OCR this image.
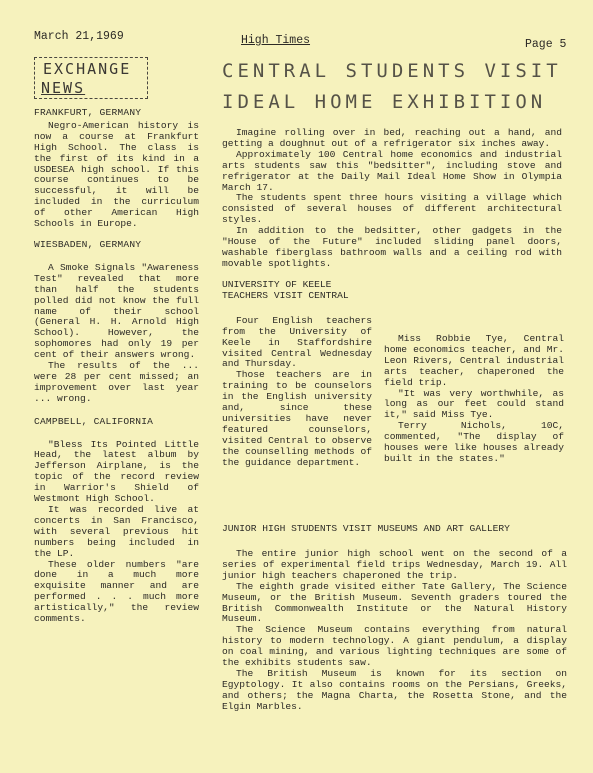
March 21,1969	High Times	Page 5
EXCHANGE
NEWS
CENTRAL STUDENTS VISIT
IDEAL HOME EXHIBITION

FRANKFURT, GERMANY

Negro-American history is now a course at Frankfurt High School. The class is the first of its kind in a USDESEA high school. If this course continues to be successful, it will be included in the curriculum of other American High Schools in Europe.

WIESBADEN, GERMANY

A Smoke Signals "Awareness Test" revealed that more than half the students polled did not know the full name of their school (General H. H. Arnold High School). However, the sophomores had only 19 per cent of their answers wrong.

The results of the ... were 28 per cent missed; an improvement over last year ... wrong.

CAMPBELL, CALIFORNIA

"Bless Its Pointed Little Head, the latest album by Jefferson Airplane, is the topic of the record review in Warrior's Shield of Westmont High School.

It was recorded live at concerts in San Francisco, with several previous hit numbers being included in the LP.

These older numbers "are done in a much more exquisite manner and are performed . . . much more artistically," the review comments.

Imagine rolling over in bed, reaching out a hand, and getting a doughnut out of a refrigerator six inches away.

Approximately 100 Central home economics and industrial arts students saw this "bedsitter", including stove and refrigerator at the Daily Mail Ideal Home Show in Olympia March 17.

The students spent three hours visiting a village which consisted of several houses of different architectural styles.

In addition to the bedsitter, other gadgets in the "House of the Future" included sliding panel doors, washable fiberglass bathroom walls and a ceiling rod with movable spotlights.

UNIVERSITY OF KEELE TEACHERS VISIT CENTRAL

Four English teachers from the University of Keele in Staffordshire visited Central Wednesday and Thursday.

Those teachers are in training to be counselors in the English university and, since these universities have never featured counselors, visited Central to observe the counselling methods of the guidance department.

Miss Robbie Tye, Central home economics teacher, and Mr. Leon Rivers, Central industrial arts teacher, chaperoned the field trip.

"It was very worthwhile, as long as our feet could stand it," said Miss Tye.

Terry Nichols, 10C, commented, "The display of houses were like houses already built in the states."

JUNIOR HIGH STUDENTS VISIT MUSEUMS AND ART GALLERY

The entire junior high school went on the second of a series of experimental field trips Wednesday, March 19. All junior high teachers chaperoned the trip.

The eighth grade visited either Tate Gallery, The Science Museum, or the British Museum. Seventh graders toured the British Commonwealth Institute or the Natural History Museum.

The Science Museum contains everything from natural history to modern technology. A giant pendulum, a display on coal mining, and various lighting techniques are some of the exhibits students saw.

The British Museum is known for its section on Egyptology. It also contains rooms on the Persians, Greeks, and others; the Magna Charta, the Rosetta Stone, and the Elgin Marbles.
